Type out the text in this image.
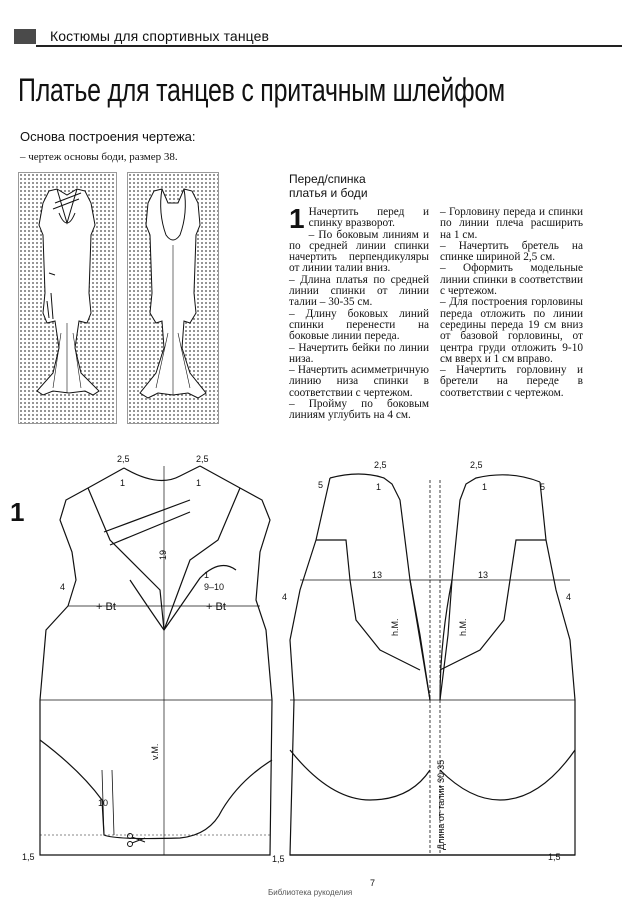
Костюмы для спортивных танцев
Платье для танцев с притачным шлейфом
Основа построения чертежа:
– чертеж основы боди, размер 38.
Перед/спинка
платья и боди
1 Начертить перед и спинку вразворот.

– По боковым линиям и по средней линии спинки начертить перпендикуляры от линии талии вниз.

– Длина платья по средней линии спинки от линии талии – 30-35 см.

– Длину боковых линий спинки перенести на боковые линии переда.

– Начертить бейки по линии низа.

– Начертить асимметричную линию низа спинки в соответствии с чертежом.

– Пройму по боковым линиям углубить на 4 см.

– Горловину переда и спинки по линии плеча расширить на 1 см.

– Начертить бретель на спинке шириной 2,5 см.

– Оформить модельные линии спинки в соответствии с чертежом.

– Для построения горловины переда отложить по линии середины переда 19 см вниз от базовой горловины, от центра груди отложить 9-10 см вверх и 1 см вправо.

– Начертить горловину и бретели на переде в соответствии с чертежом.

1
2,5	2,5
1	1
19
1
9–10
+ Bt	+ Bt
4
v.M.
10
1,5	1,5
5	5
1	1
2,5	2,5
13	13
4	4
h.M.	h.M.
Длина от талии 30-35
7
1,5
Библиотека рукоделия
